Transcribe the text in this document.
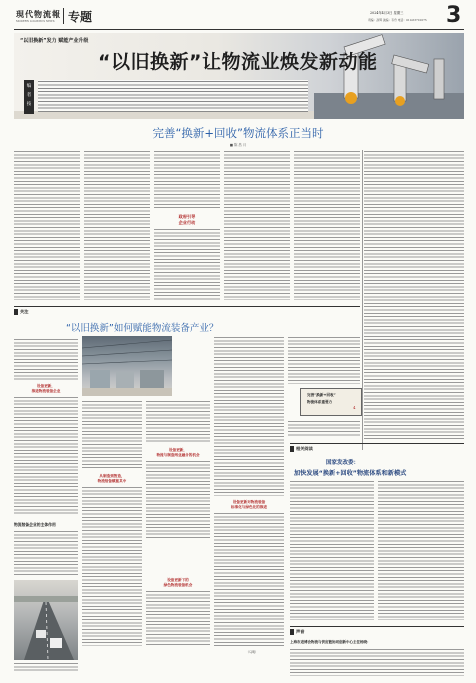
現代物流報
MODERN LOGISTICS NEWS 专题	2024年4月3日 星期三
责编：孙辉 美编：韦舟 电话：010-63710075 3
“以旧换新”发力 赋能产业升级
“以旧换新”让物流业焕发新动能
编者按
完善“换新+回收”物流体系正当时
■ 陈 昌 月
政府引导
企业行动
完善“换新+回收”
物流体系重要力
4
关注
“以旧换新”如何赋能物流装备产业？
设备更新，
推进物流装备企业
从制造到智造，
物流装备赋能其中
设备更新，
物流与制造两业融合的机会
设备更新下的
绿色物流装备机会
设备更新对物流装备
标准化与绿色化的推进
物流装备企业的主体作用
（马明）
相关阅读
国家发改委：
加快发展“换新+回收”物流体系和新模式
声音
上海市进博会物流与供应链协同创新中心主任杨晓：
